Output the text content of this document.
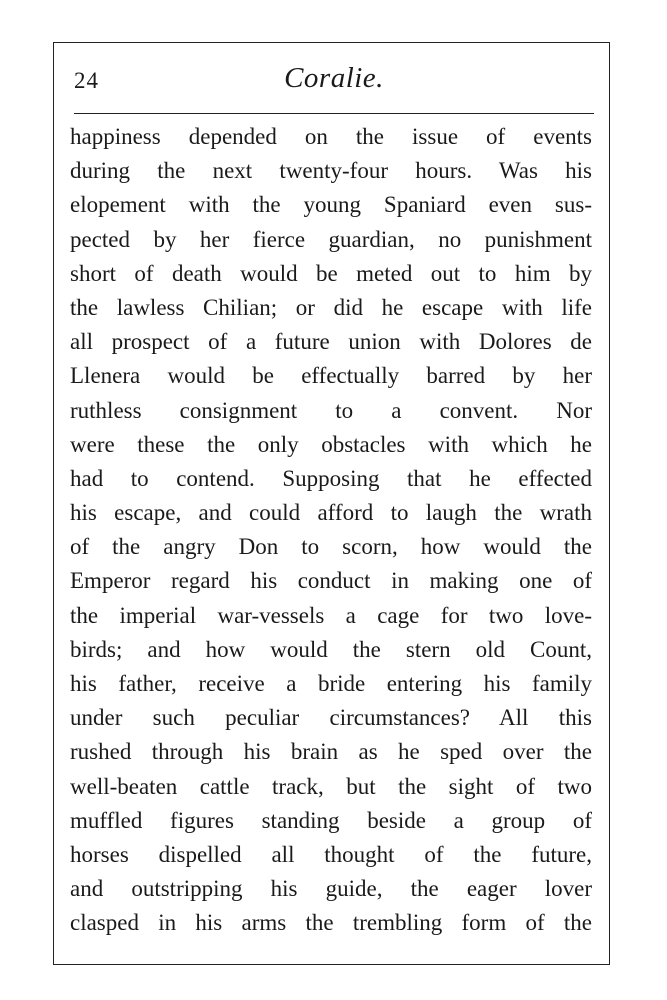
24	Coralie.
happiness depended on the issue of events
during the next twenty-four hours. Was his
elopement with the young Spaniard even sus-
pected by her fierce guardian, no punishment
short of death would be meted out to him by
the lawless Chilian; or did he escape with life
all prospect of a future union with Dolores de
Llenera would be effectually barred by her
ruthless consignment to a convent. Nor
were these the only obstacles with which he
had to contend. Supposing that he effected
his escape, and could afford to laugh the wrath
of the angry Don to scorn, how would the
Emperor regard his conduct in making one of
the imperial war-vessels a cage for two love-
birds; and how would the stern old Count,
his father, receive a bride entering his family
under such peculiar circumstances? All this
rushed through his brain as he sped over the
well-beaten cattle track, but the sight of two
muffled figures standing beside a group of
horses dispelled all thought of the future,
and outstripping his guide, the eager lover
clasped in his arms the trembling form of the
